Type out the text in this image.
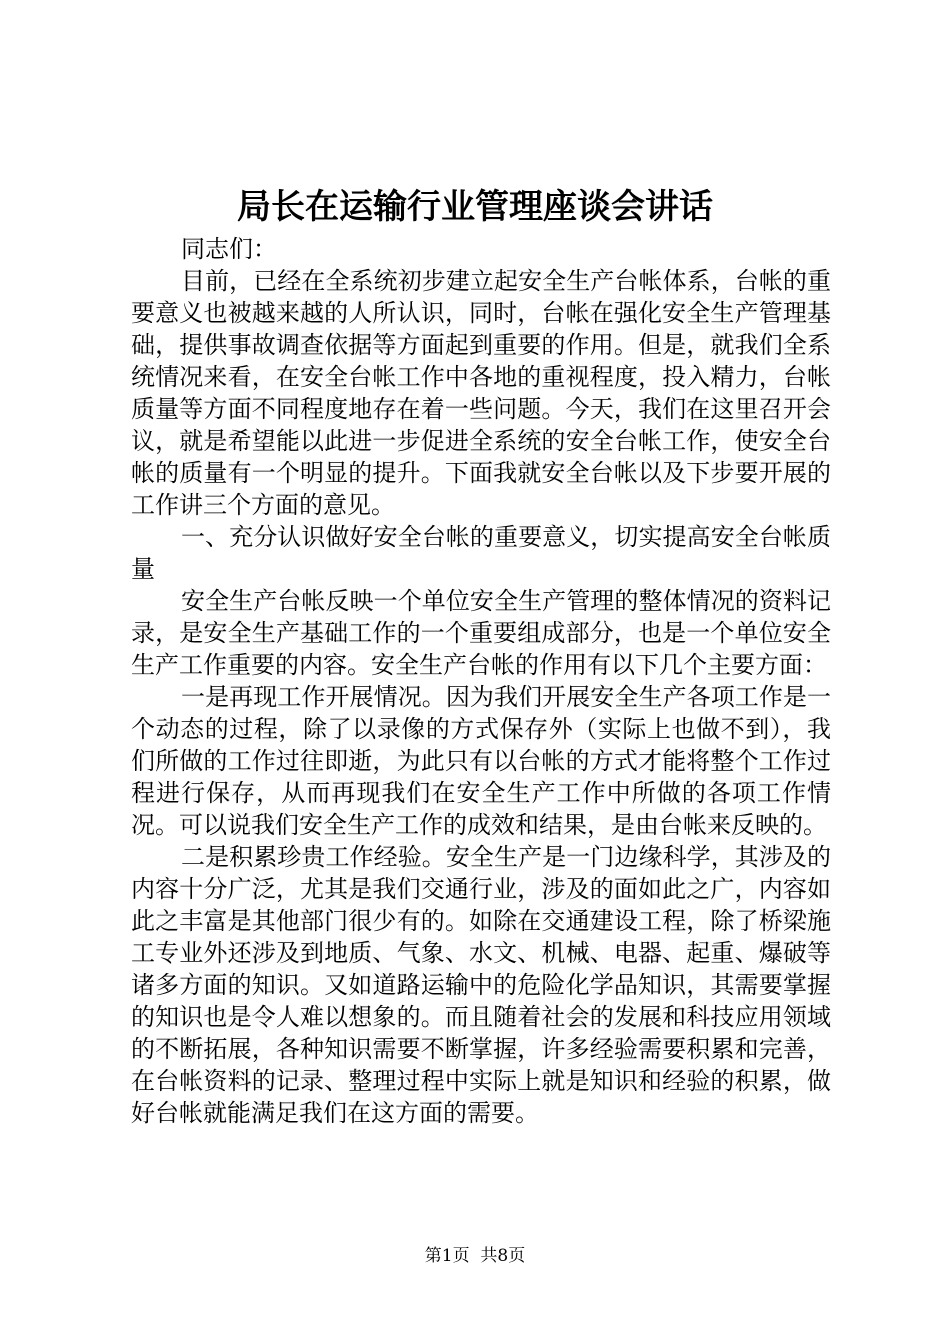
局长在运输行业管理座谈会讲话

同志们：

目前，已经在全系统初步建立起安全生产台帐体系，台帐的重要意义也被越来越的人所认识，同时，台帐在强化安全生产管理基础，提供事故调查依据等方面起到重要的作用。但是，就我们全系统情况来看，在安全台帐工作中各地的重视程度，投入精力，台帐质量等方面不同程度地存在着一些问题。今天，我们在这里召开会议，就是希望能以此进一步促进全系统的安全台帐工作，使安全台帐的质量有一个明显的提升。下面我就安全台帐以及下步要开展的工作讲三个方面的意见。

一、充分认识做好安全台帐的重要意义，切实提高安全台帐质量

安全生产台帐反映一个单位安全生产管理的整体情况的资料记录，是安全生产基础工作的一个重要组成部分，也是一个单位安全生产工作重要的内容。安全生产台帐的作用有以下几个主要方面：

一是再现工作开展情况。因为我们开展安全生产各项工作是一个动态的过程，除了以录像的方式保存外（实际上也做不到），我们所做的工作过往即逝，为此只有以台帐的方式才能将整个工作过程进行保存，从而再现我们在安全生产工作中所做的各项工作情况。可以说我们安全生产工作的成效和结果，是由台帐来反映的。

二是积累珍贵工作经验。安全生产是一门边缘科学，其涉及的内容十分广泛，尤其是我们交通行业，涉及的面如此之广，内容如此之丰富是其他部门很少有的。如除在交通建设工程，除了桥梁施工专业外还涉及到地质、气象、水文、机械、电器、起重、爆破等诸多方面的知识。又如道路运输中的危险化学品知识，其需要掌握的知识也是令人难以想象的。而且随着社会的发展和科技应用领域的不断拓展，各种知识需要不断掌握，许多经验需要积累和完善，在台帐资料的记录、整理过程中实际上就是知识和经验的积累，做好台帐就能满足我们在这方面的需要。

第1页  共8页
